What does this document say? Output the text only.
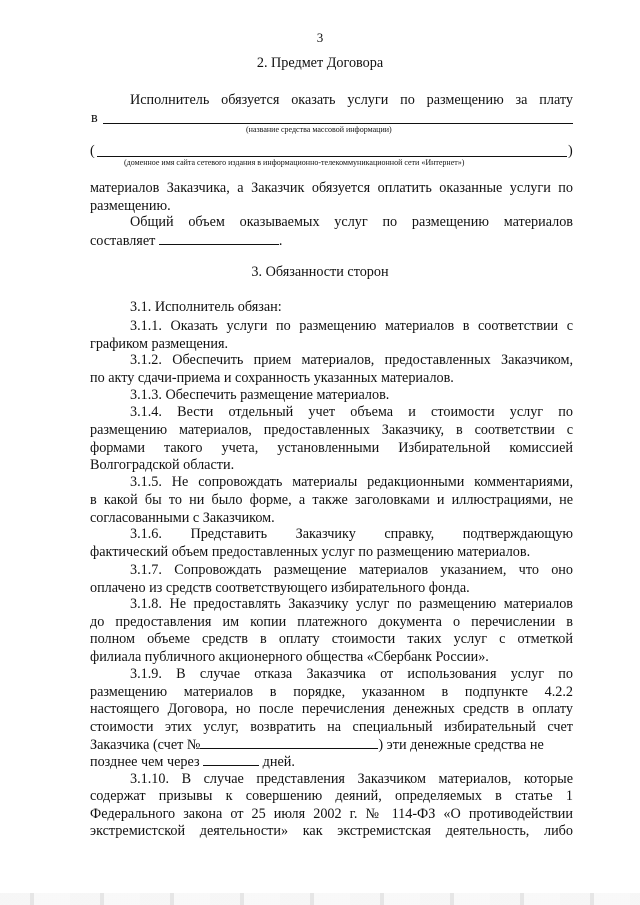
3
2. Предмет Договора
Исполнитель обязуется оказать услуги по размещению за плату
в
(название средства массовой информации)
(	)
(доменное имя сайта сетевого издания в информационно-телекоммуникационной сети «Интернет»)
материалов Заказчика, а Заказчик обязуется оплатить оказанные услуги по
размещению.
Общий объем оказываемых услуг по размещению материалов
составляет	.
3. Обязанности сторон
3.1. Исполнитель обязан:
3.1.1. Оказать услуги по размещению материалов в соответствии с
графиком размещения.
3.1.2. Обеспечить прием материалов, предоставленных Заказчиком,
по акту сдачи-приема и сохранность указанных материалов.
3.1.3. Обеспечить размещение материалов.
3.1.4. Вести отдельный учет объема и стоимости услуг по
размещению материалов, предоставленных Заказчику, в соответствии с
формами такого учета, установленными Избирательной комиссией
Волгоградской области.
3.1.5. Не сопровождать материалы редакционными комментариями,
в какой бы то ни было форме, а также заголовками и иллюстрациями, не
согласованными с Заказчиком.
3.1.6. Представить Заказчику справку, подтверждающую
фактический объем предоставленных услуг по размещению материалов.
3.1.7. Сопровождать размещение материалов указанием, что оно
оплачено из средств соответствующего избирательного фонда.
3.1.8. Не предоставлять Заказчику услуг по размещению материалов
до предоставления им копии платежного документа о перечислении в
полном объеме средств в оплату стоимости таких услуг с отметкой
филиала публичного акционерного общества «Сбербанк России».
3.1.9. В случае отказа Заказчика от использования услуг по
размещению материалов в порядке, указанном в подпункте 4.2.2
настоящего Договора, но после перечисления денежных средств в оплату
стоимости этих услуг, возвратить на специальный избирательный счет
Заказчика (счет №	) эти денежные средства не
позднее чем через	дней.
3.1.10. В случае представления Заказчиком материалов, которые
содержат призывы к совершению деяний, определяемых в статье 1
Федерального закона от 25 июля 2002 г. № 114-ФЗ «О противодействии
экстремистской деятельности» как экстремистская деятельность, либо
